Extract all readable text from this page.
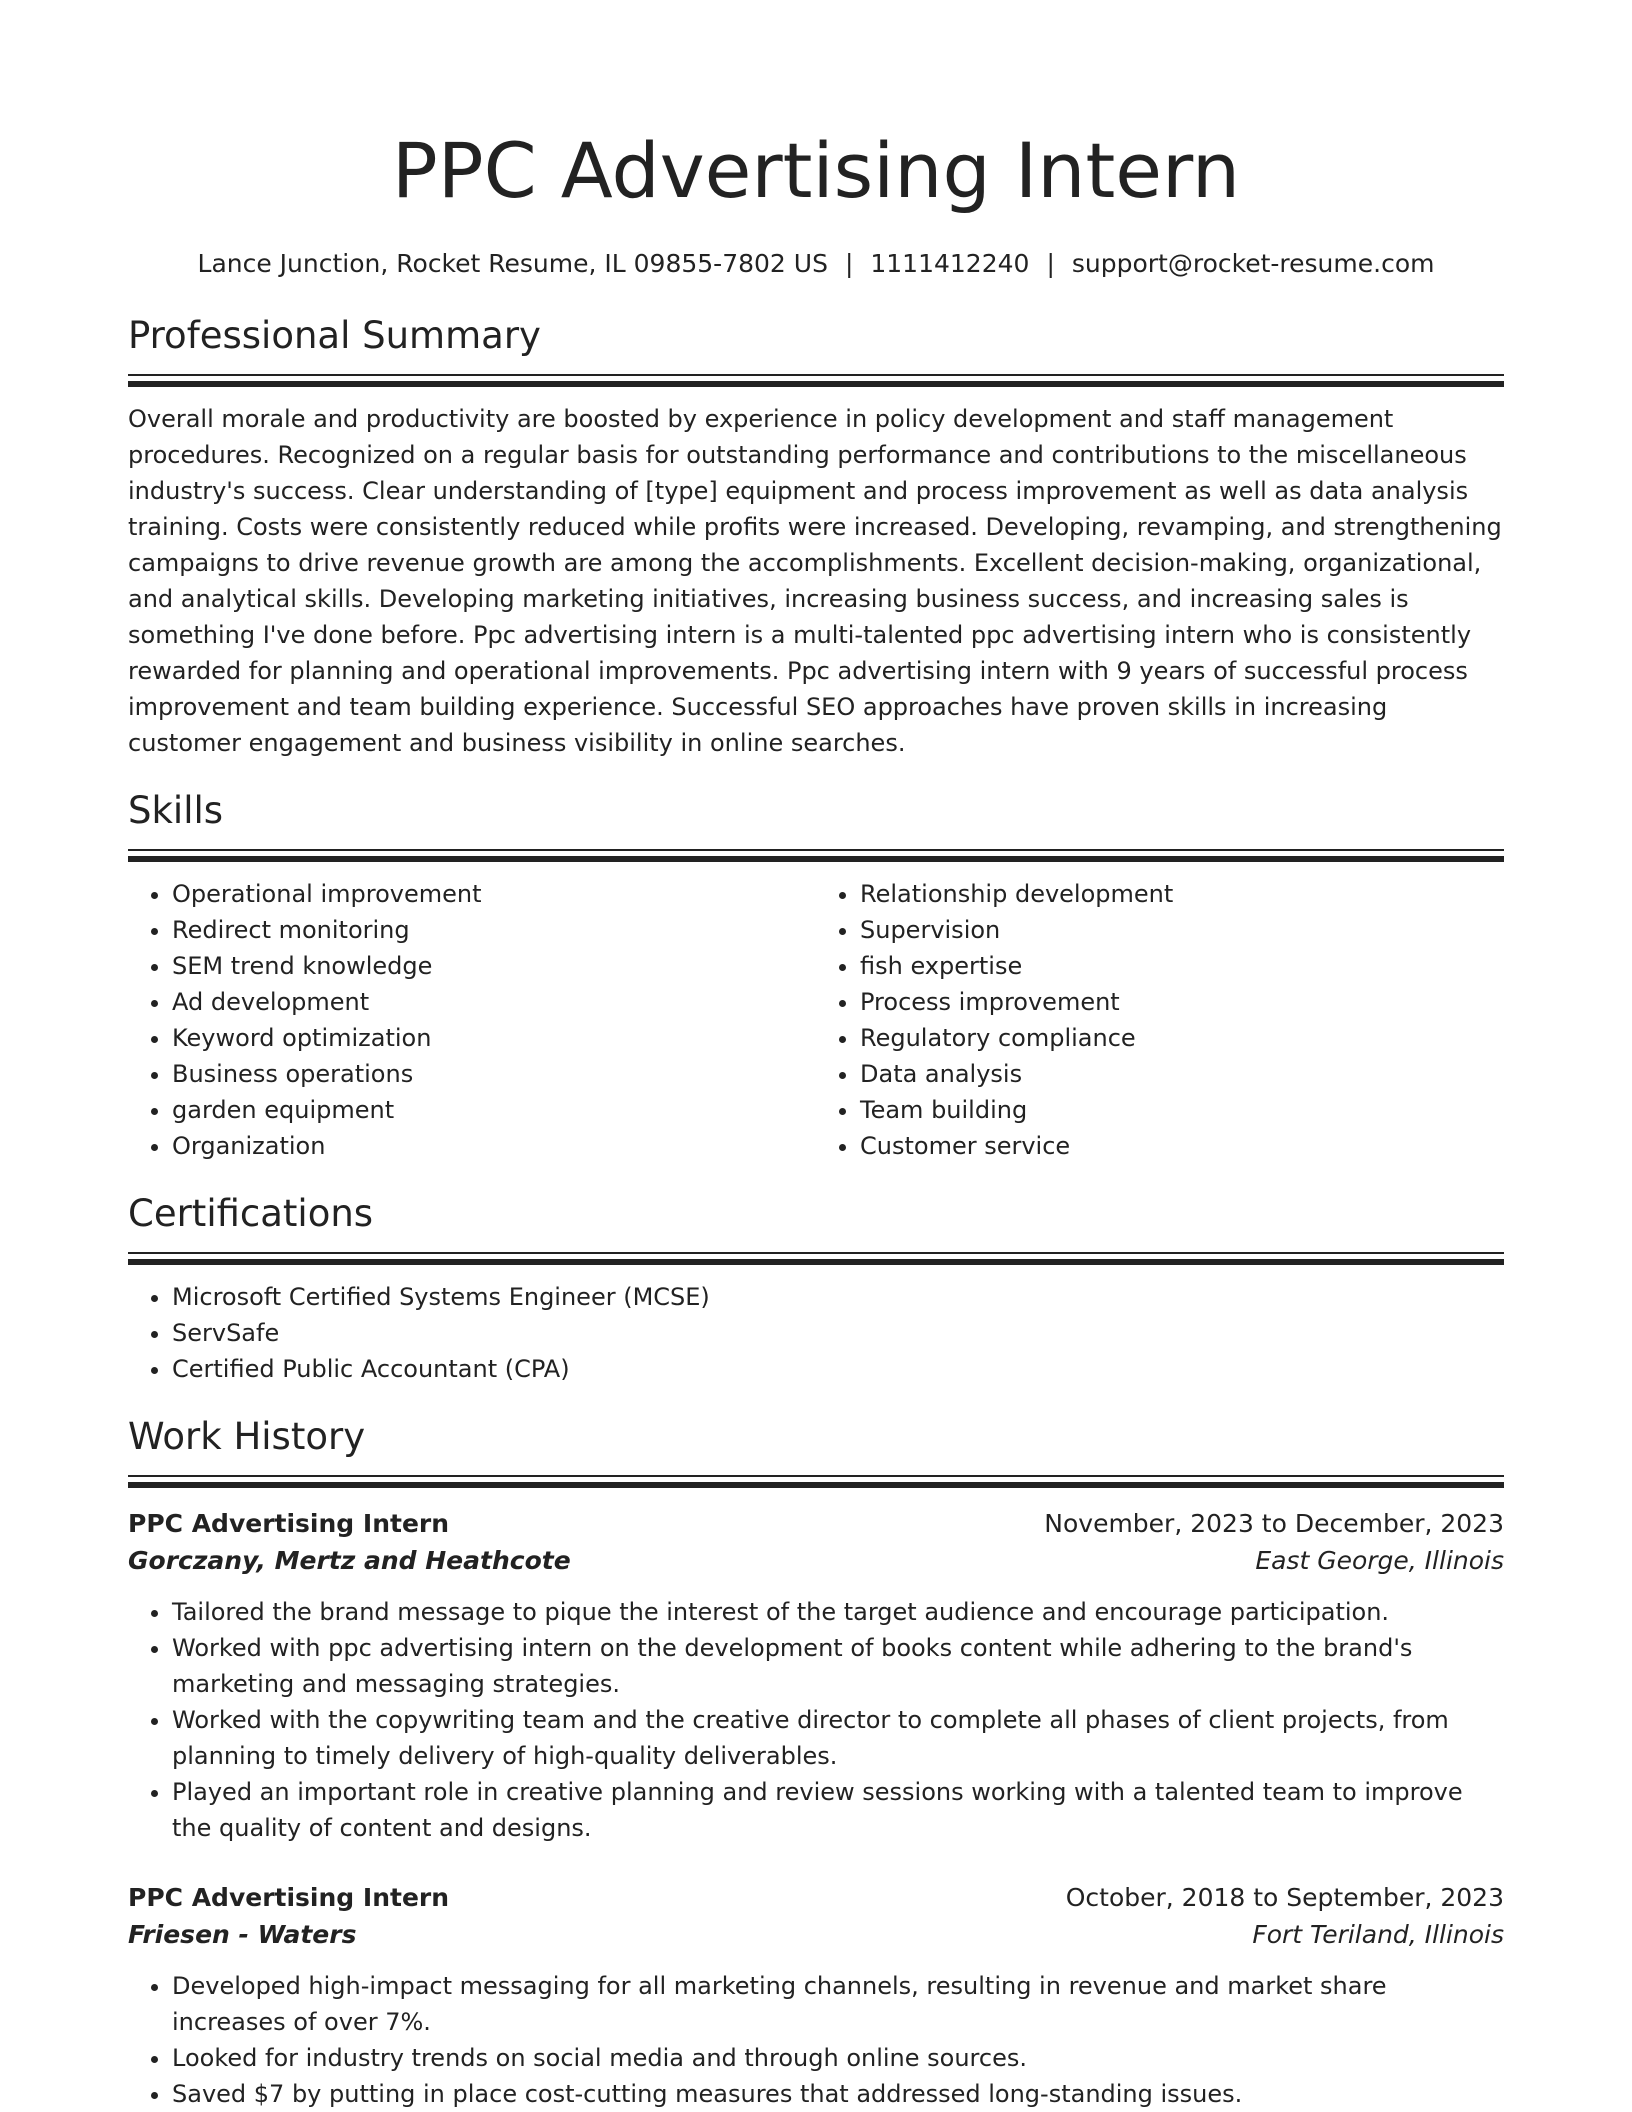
PPC Advertising Intern
Lance Junction, Rocket Resume, IL 09855-7802 US | 1111412240 | support@rocket-resume.com
Professional Summary

Overall morale and productivity are boosted by experience in policy development and staff management procedures. Recognized on a regular basis for outstanding performance and contributions to the miscellaneous industry's success. Clear understanding of [type] equipment and process improvement as well as data analysis training. Costs were consistently reduced while profits were increased. Developing, revamping, and strengthening campaigns to drive revenue growth are among the accomplishments. Excellent decision-making, organizational, and analytical skills. Developing marketing initiatives, increasing business success, and increasing sales is something I've done before. Ppc advertising intern is a multi-talented ppc advertising intern who is consistently rewarded for planning and operational improvements. Ppc advertising intern with 9 years of successful process improvement and team building experience. Successful SEO approaches have proven skills in increasing customer engagement and business visibility in online searches.

Skills
• Operational improvement
• Redirect monitoring
• SEM trend knowledge
• Ad development
• Keyword optimization
• Business operations
• garden equipment
• Organization
• Relationship development
• Supervision
• fish expertise
• Process improvement
• Regulatory compliance
• Data analysis
• Team building
• Customer service
Certifications
• Microsoft Certified Systems Engineer (MCSE)
• ServSafe
• Certified Public Accountant (CPA)
Work History
PPC Advertising Intern	November, 2023 to December, 2023
Gorczany, Mertz and Heathcote	East George, Illinois
• Tailored the brand message to pique the interest of the target audience and encourage participation.
• Worked with ppc advertising intern on the development of books content while adhering to the brand's marketing and messaging strategies.
• Worked with the copywriting team and the creative director to complete all phases of client projects, from planning to timely delivery of high-quality deliverables.
• Played an important role in creative planning and review sessions working with a talented team to improve the quality of content and designs.
PPC Advertising Intern	October, 2018 to September, 2023
Friesen - Waters	Fort Teriland, Illinois
• Developed high-impact messaging for all marketing channels, resulting in revenue and market share increases of over 7%.
• Looked for industry trends on social media and through online sources.
• Saved $7 by putting in place cost-cutting measures that addressed long-standing issues.
